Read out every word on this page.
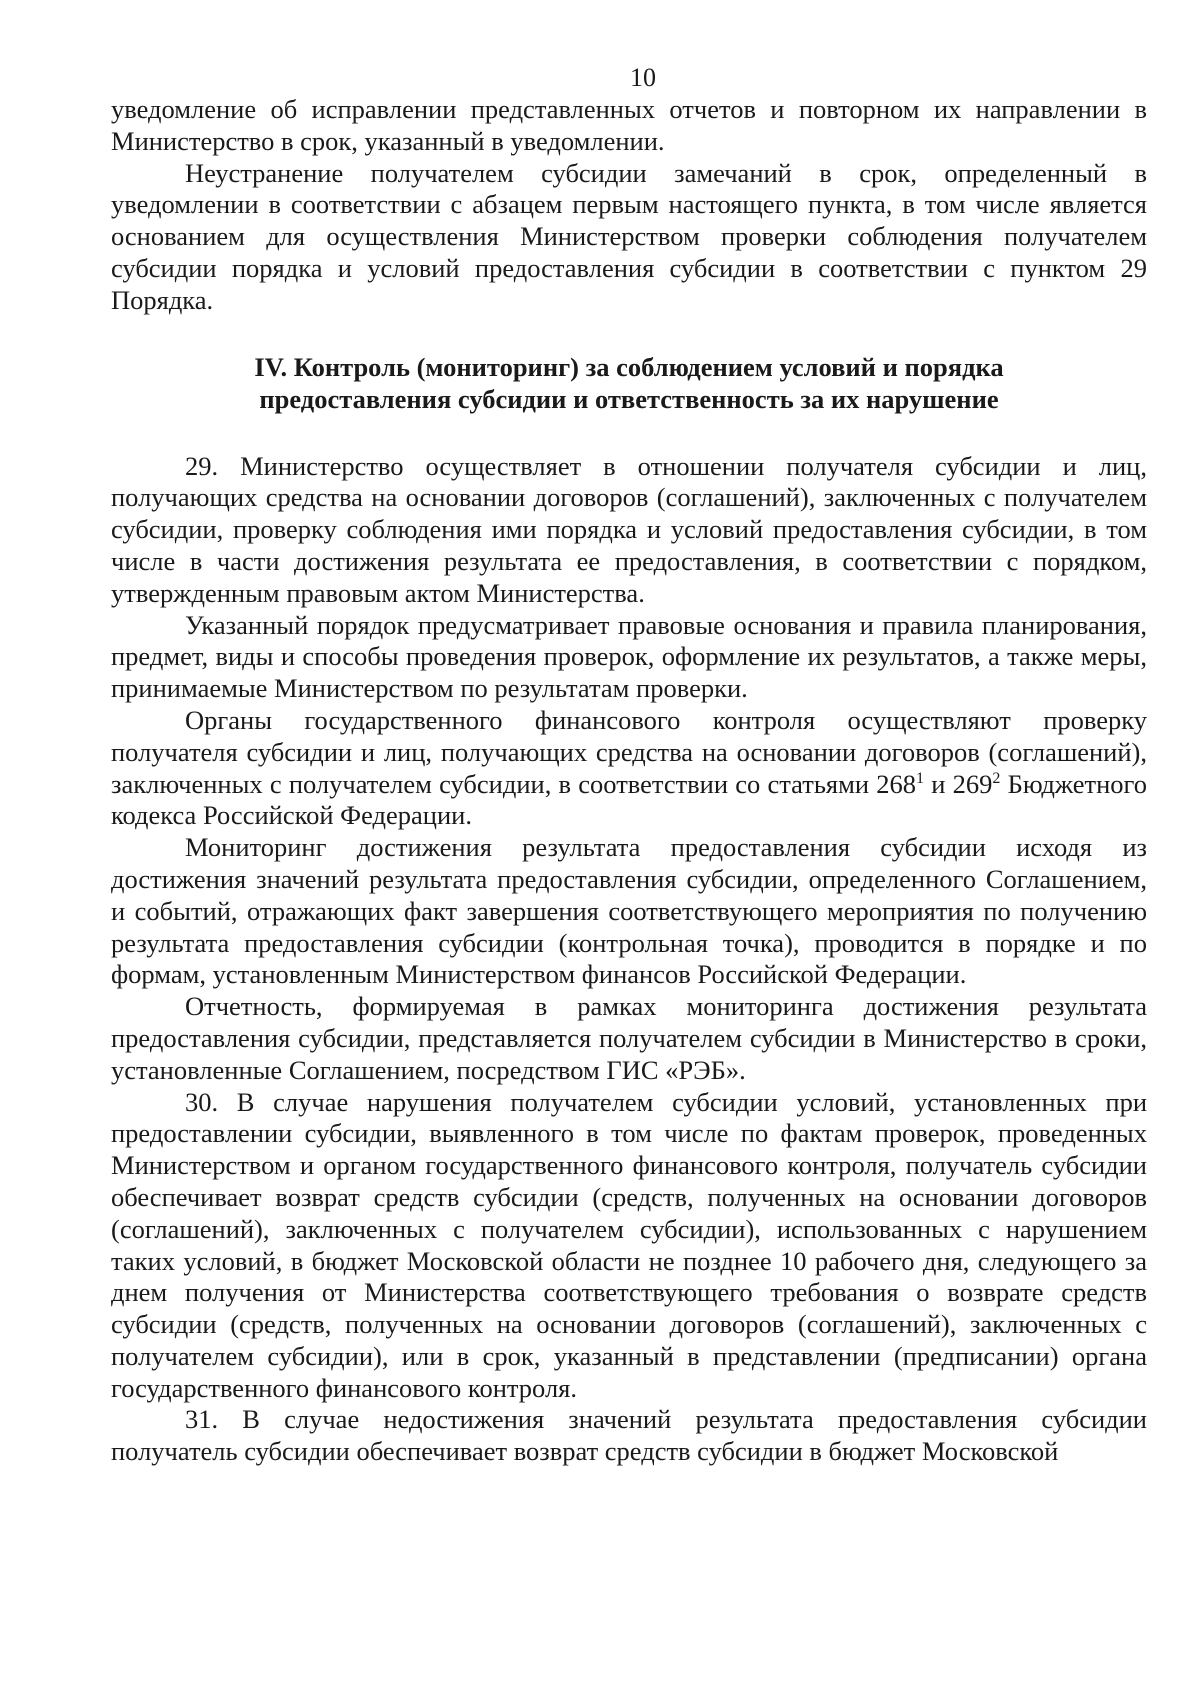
10

уведомление об исправлении представленных отчетов и повторном их направлении в Министерство в срок, указанный в уведомлении.

Неустранение получателем субсидии замечаний в срок, определенный в уведомлении в соответствии с абзацем первым настоящего пункта, в том числе является основанием для осуществления Министерством проверки соблюдения получателем субсидии порядка и условий предоставления субсидии в соответствии с пунктом 29 Порядка.

IV. Контроль (мониторинг) за соблюдением условий и порядка
предоставления субсидии и ответственность за их нарушение

29. Министерство осуществляет в отношении получателя субсидии и лиц, получающих средства на основании договоров (соглашений), заключенных с получателем субсидии, проверку соблюдения ими порядка и условий предоставления субсидии, в том числе в части достижения результата ее предоставления, в соответствии с порядком, утвержденным правовым актом Министерства.

Указанный порядок предусматривает правовые основания и правила планирования, предмет, виды и способы проведения проверок, оформление их результатов, а также меры, принимаемые Министерством по результатам проверки.

Органы государственного финансового контроля осуществляют проверку получателя субсидии и лиц, получающих средства на основании договоров (соглашений), заключенных с получателем субсидии, в соответствии со статьями $268^1$ и $269^2$ Бюджетного кодекса Российской Федерации.

Мониторинг достижения результата предоставления субсидии исходя из достижения значений результата предоставления субсидии, определенного Соглашением, и событий, отражающих факт завершения соответствующего мероприятия по получению результата предоставления субсидии (контрольная точка), проводится в порядке и по формам, установленным Министерством финансов Российской Федерации.

Отчетность, формируемая в рамках мониторинга достижения результата предоставления субсидии, представляется получателем субсидии в Министерство в сроки, установленные Соглашением, посредством ГИС «РЭБ».

30. В случае нарушения получателем субсидии условий, установленных при предоставлении субсидии, выявленного в том числе по фактам проверок, проведенных Министерством и органом государственного финансового контроля, получатель субсидии обеспечивает возврат средств субсидии (средств, полученных на основании договоров (соглашений), заключенных с получателем субсидии), использованных с нарушением таких условий, в бюджет Московской области не позднее 10 рабочего дня, следующего за днем получения от Министерства соответствующего требования о возврате средств субсидии (средств, полученных на основании договоров (соглашений), заключенных с получателем субсидии), или в срок, указанный в представлении (предписании) органа государственного финансового контроля.

31. В случае недостижения значений результата предоставления субсидии получатель субсидии обеспечивает возврат средств субсидии в бюджет Московской
